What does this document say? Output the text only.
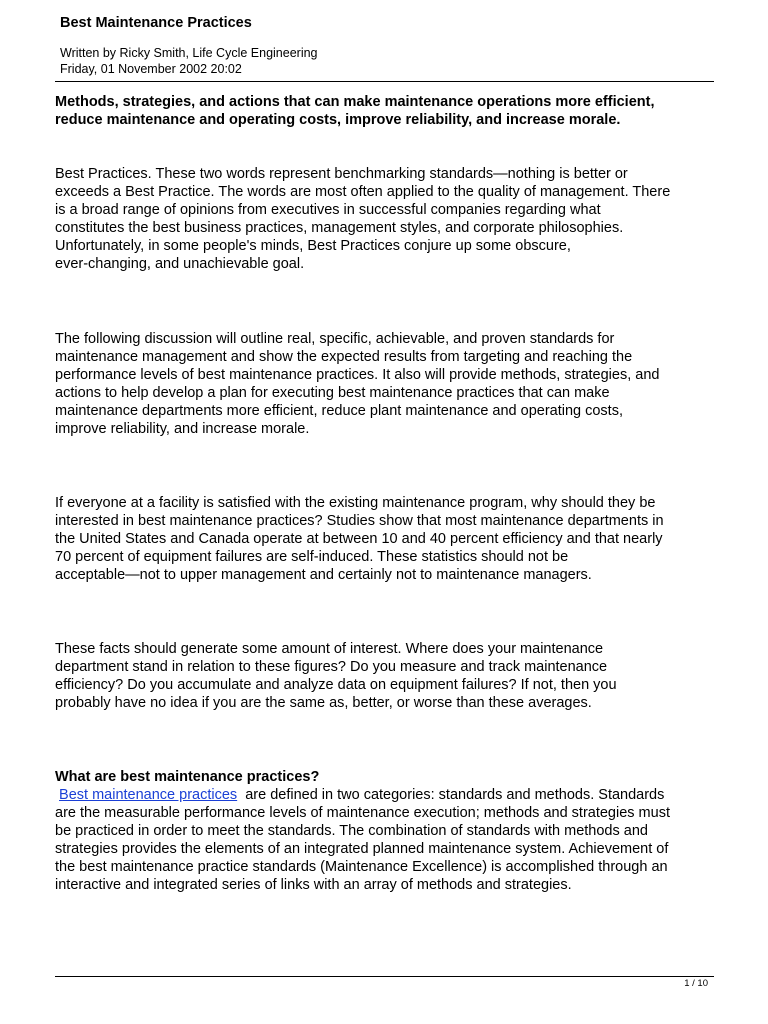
Best Maintenance Practices
Written by Ricky Smith, Life Cycle Engineering
Friday, 01 November 2002 20:02
Methods, strategies, and actions that can make maintenance operations more efficient,
reduce maintenance and operating costs, improve reliability, and increase morale.
Best Practices. These two words represent benchmarking standards—nothing is better or
exceeds a Best Practice. The words are most often applied to the quality of management. There
is a broad range of opinions from executives in successful companies regarding what
constitutes the best business practices, management styles, and corporate philosophies.
Unfortunately, in some people's minds, Best Practices conjure up some obscure,
ever-changing, and unachievable goal.
The following discussion will outline real, specific, achievable, and proven standards for
maintenance management and show the expected results from targeting and reaching the
performance levels of best maintenance practices. It also will provide methods, strategies, and
actions to help develop a plan for executing best maintenance practices that can make
maintenance departments more efficient, reduce plant maintenance and operating costs,
improve reliability, and increase morale.
If everyone at a facility is satisfied with the existing maintenance program, why should they be
interested in best maintenance practices? Studies show that most maintenance departments in
the United States and Canada operate at between 10 and 40 percent efficiency and that nearly
70 percent of equipment failures are self-induced. These statistics should not be
acceptable—not to upper management and certainly not to maintenance managers.
These facts should generate some amount of interest. Where does your maintenance
department stand in relation to these figures? Do you measure and track maintenance
efficiency? Do you accumulate and analyze data on equipment failures? If not, then you
probably have no idea if you are the same as, better, or worse than these averages.
What are best maintenance practices?
Best maintenance practices are defined in two categories: standards and methods. Standards
are the measurable performance levels of maintenance execution; methods and strategies must
be practiced in order to meet the standards. The combination of standards with methods and
strategies provides the elements of an integrated planned maintenance system. Achievement of
the best maintenance practice standards (Maintenance Excellence) is accomplished through an
interactive and integrated series of links with an array of methods and strategies.
1 / 10
